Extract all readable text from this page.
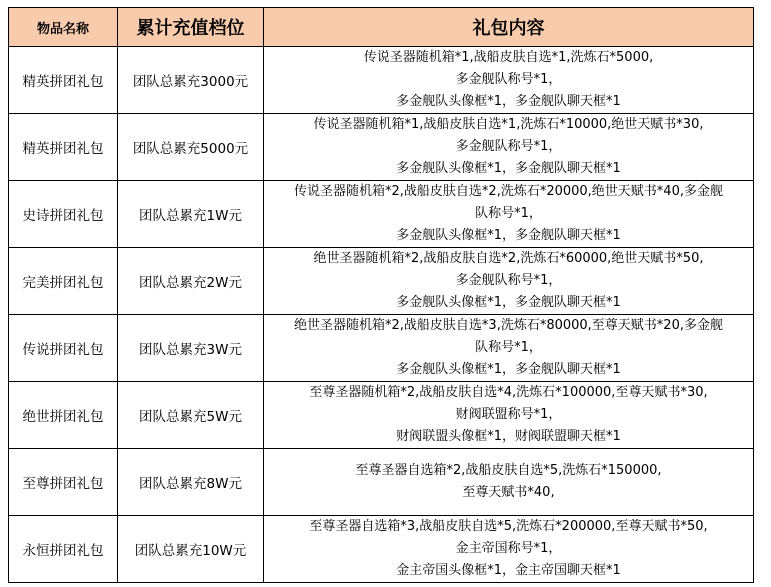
物品名称	累计充值档位	礼包内容
精英拼团礼包	团队总累充3000元	传说圣器随机箱*1,战船皮肤自选*1,洗炼石*5000,
多金舰队称号*1，
多金舰队头像框*1，多金舰队聊天框*1

精英拼团礼包	团队总累充5000元	传说圣器随机箱*1,战船皮肤自选*1,洗炼石*10000,绝世天赋书*30,
多金舰队称号*1，
多金舰队头像框*1，多金舰队聊天框*1

史诗拼团礼包	团队总累充1W元	传说圣器随机箱*2,战船皮肤自选*2,洗炼石*20000,绝世天赋书*40,多金舰
队称号*1，
多金舰队头像框*1，多金舰队聊天框*1

完美拼团礼包	团队总累充2W元	绝世圣器随机箱*2,战船皮肤自选*2,洗炼石*60000,绝世天赋书*50,
多金舰队称号*1，
多金舰队头像框*1，多金舰队聊天框*1

传说拼团礼包	团队总累充3W元	绝世圣器随机箱*2,战船皮肤自选*3,洗炼石*80000,至尊天赋书*20,多金舰
队称号*1，
多金舰队头像框*1，多金舰队聊天框*1

绝世拼团礼包	团队总累充5W元	至尊圣器随机箱*2,战船皮肤自选*4,洗炼石*100000,至尊天赋书*30,
财阀联盟称号*1，
财阀联盟头像框*1，财阀联盟聊天框*1

至尊拼团礼包	团队总累充8W元	至尊圣器自选箱*2,战船皮肤自选*5,洗炼石*150000,
至尊天赋书*40,

永恒拼团礼包	团队总累充10W元	至尊圣器自选箱*3,战船皮肤自选*5,洗炼石*200000,至尊天赋书*50,
金主帝国称号*1，
金主帝国头像框*1，金主帝国聊天框*1
